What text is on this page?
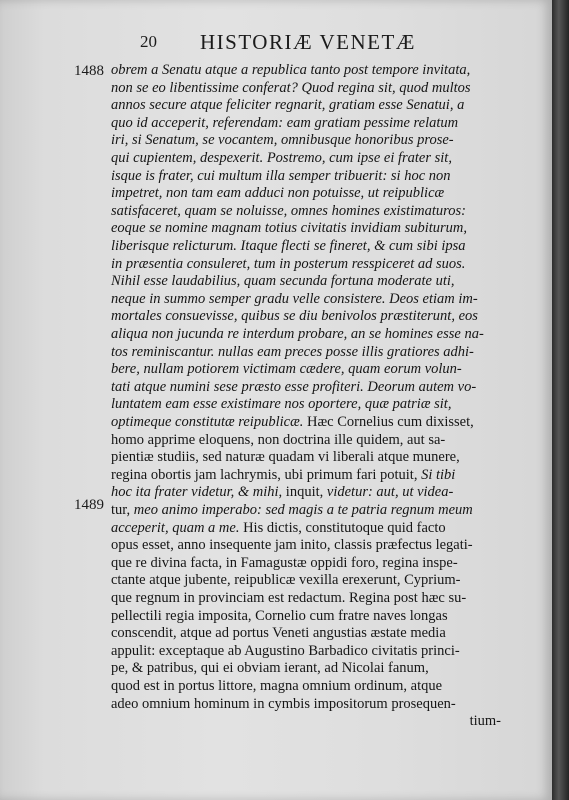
20 HISTORIÆ VENETÆ
1488
1489
obrem a Senatu atque a republica tanto post tempore invitata,
non se eo libentissime conferat? Quod regina sit, quod multos
annos secure atque feliciter regnarit, gratiam esse Senatui, a
quo id acceperit, referendam: eam gratiam pessime relatum
iri, si Senatum, se vocantem, omnibusque honoribus prose-
qui cupientem, despexerit. Postremo, cum ipse ei frater sit,
isque is frater, cui multum illa semper tribuerit: si hoc non
impetret, non tam eam adduci non potuisse, ut reipublicæ
satisfaceret, quam se noluisse, omnes homines existimaturos:
eoque se nomine magnam totius civitatis invidiam subiturum,
liberisque relicturum. Itaque flecti se fineret, & cum sibi ipsa
in præsentia consuleret, tum in posterum resspiceret ad suos.
Nihil esse laudabilius, quam secunda fortuna moderate uti,
neque in summo semper gradu velle consistere. Deos etiam im-
mortales consuevisse, quibus se diu benivolos præstiterunt, eos
aliqua non jucunda re interdum probare, an se homines esse na-
tos reminiscantur. nullas eam preces posse illis gratiores adhi-
bere, nullam potiorem victimam cædere, quam eorum volun-
tati atque numini sese præsto esse profiteri. Deorum autem vo-
luntatem eam esse existimare nos oportere, quæ patriæ sit,
optimeque constitutæ reipublicæ. Hæc Cornelius cum dixisset,
homo apprime eloquens, non doctrina ille quidem, aut sa-
pientiæ studiis, sed naturæ quadam vi liberali atque munere,
regina obortis jam lachrymis, ubi primum fari potuit, Si tibi
hoc ita frater videtur, & mihi, inquit, videtur: aut, ut videa-
tur, meo animo imperabo: sed magis a te patria regnum meum
acceperit, quam a me. His dictis, constitutoque quid facto
opus esset, anno insequente jam inito, classis præfectus legati-
que re divina facta, in Famagustæ oppidi foro, regina inspe-
ctante atque jubente, reipublicæ vexilla erexerunt, Cyprium-
que regnum in provinciam est redactum. Regina post hæc su-
pellectili regia imposita, Cornelio cum fratre naves longas
conscendit, atque ad portus Veneti angustias æstate media
appulit: exceptaque ab Augustino Barbadico civitatis princi-
pe, & patribus, qui ei obviam ierant, ad Nicolai fanum,
quod est in portus littore, magna omnium ordinum, atque
adeo omnium hominum in cymbis impositorum prosequen-
tium-
